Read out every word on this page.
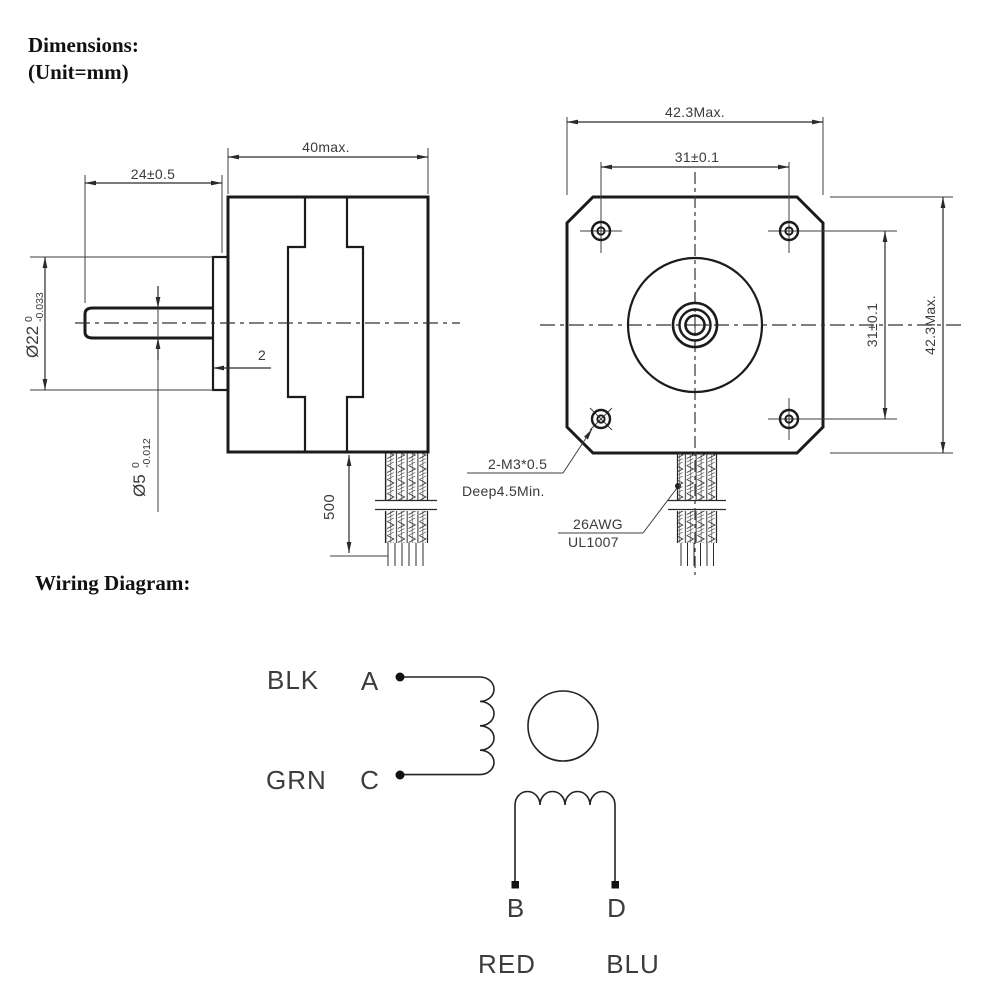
Dimensions:
(Unit=mm)
Wiring Diagram:
24±0.5
40max.
2
Ø22
0 -0.033
Ø5
0 -0.012
500
42.3Max.
31±0.1
31±0.1	42.3Max.
2-M3*0.5
Deep4.5Min.
26AWG
UL1007
BLK A
GRN C
B	D
RED	BLU
